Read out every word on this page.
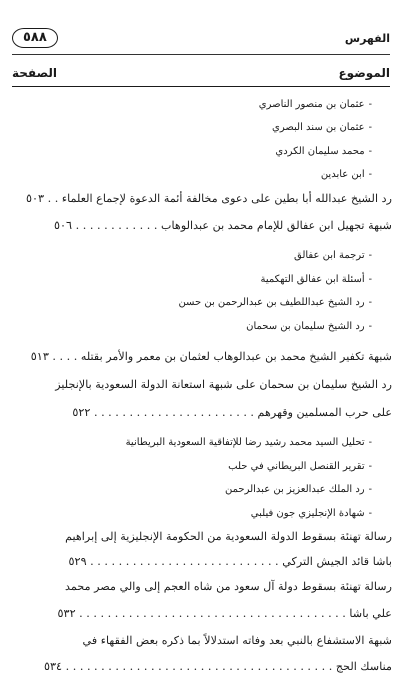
الفهرس
٥٨٨
الموضوع
الصفحة
-عثمان بن منصور الناصري
-عثمان بن سند البصري
-محمد سليمان الكردي
-ابن عابدين
رد الشيخ عبدالله أبا بطين على دعوى مخالفة أئمة الدعوة لإجماع العلماء . . ٥٠٣
شبهة تجهيل ابن عفالق للإمام محمد بن عبدالوهاب . . . . . . . . . . . . ٥٠٦
-ترجمة ابن عفالق
-أسئلة ابن عفالق التهكمية
-رد الشيخ عبداللطيف بن عبدالرحمن بن حسن
-رد الشيخ سليمان بن سحمان
شبهة تكفير الشيخ محمد بن عبدالوهاب لعثمان بن معمر والأمر بقتله . . . . ٥١٣
رد الشيخ سليمان بن سحمان على شبهة استعانة الدولة السعودية بالإنجليز
على حرب المسلمين وقهرهم . . . . . . . . . . . . . . . . . . . . . . . ٥٢٢
-تحليل السيد محمد رشيد رضا للإتفاقية السعودية البريطانية
-تقرير القنصل البريطاني في حلب
-رد الملك عبدالعزيز بن عبدالرحمن
-شهادة الإنجليزي جون فيلبي
رسالة تهنئة بسقوط الدولة السعودية من الحكومة الإنجليزية إلى إبراهيم
باشا قائد الجيش التركي . . . . . . . . . . . . . . . . . . . . . . . . . . . ٥٢٩
رسالة تهنئة بسقوط دولة آل سعود من شاه العجم إلى والي مصر محمد
علي باشا . . . . . . . . . . . . . . . . . . . . . . . . . . . . . . . . . . . . . . ٥٣٢
شبهة الاستشفاع بالنبي بعد وفاته استدلالاً بما ذكره بعض الفقهاء في
مناسك الحج . . . . . . . . . . . . . . . . . . . . . . . . . . . . . . . . . . . . . . ٥٣٤
